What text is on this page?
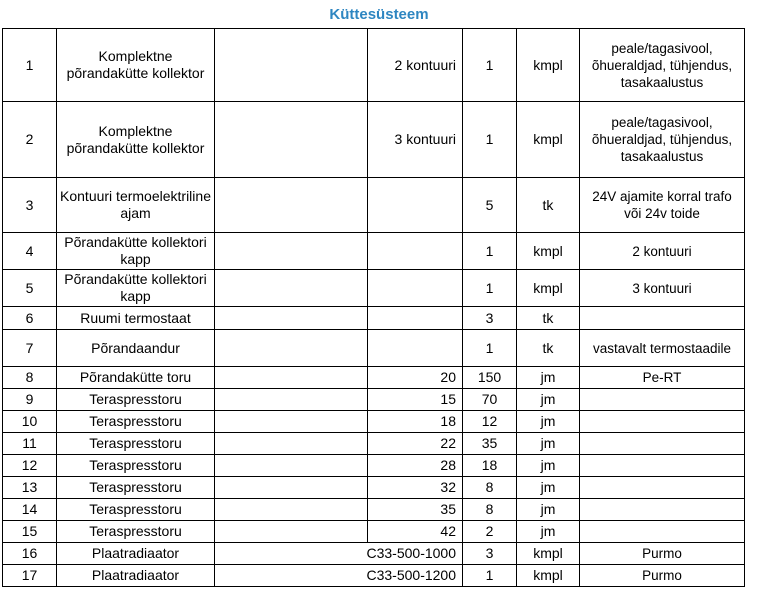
Küttesüsteem
1	Komplektne põrandakütte kollektor		2 kontuuri	1	kmpl	peale/tagasivool, õhueraldjad, tühjendus, tasakaalustus
2	Komplektne põrandakütte kollektor		3 kontuuri	1	kmpl	peale/tagasivool, õhueraldjad, tühjendus, tasakaalustus
3	Kontuuri termoelektriline ajam			5	tk	24V ajamite korral trafo või 24v toide
4	Põrandakütte kollektori kapp			1	kmpl	2 kontuuri
5	Põrandakütte kollektori kapp			1	kmpl	3 kontuuri
6	Ruumi termostaat			3	tk	
7	Põrandaandur			1	tk	vastavalt termostaadile
8	Põrandakütte toru		20	150	jm	Pe-RT
9	Teraspresstoru		15	70	jm	
10	Teraspresstoru		18	12	jm	
11	Teraspresstoru		22	35	jm	
12	Teraspresstoru		28	18	jm	
13	Teraspresstoru		32	8	jm	
14	Teraspresstoru		35	8	jm	
15	Teraspresstoru		42	2	jm	
16	Plaatradiaator	C33-500-1000		3	kmpl	Purmo
17	Plaatradiaator	C33-500-1200		1	kmpl	Purmo
